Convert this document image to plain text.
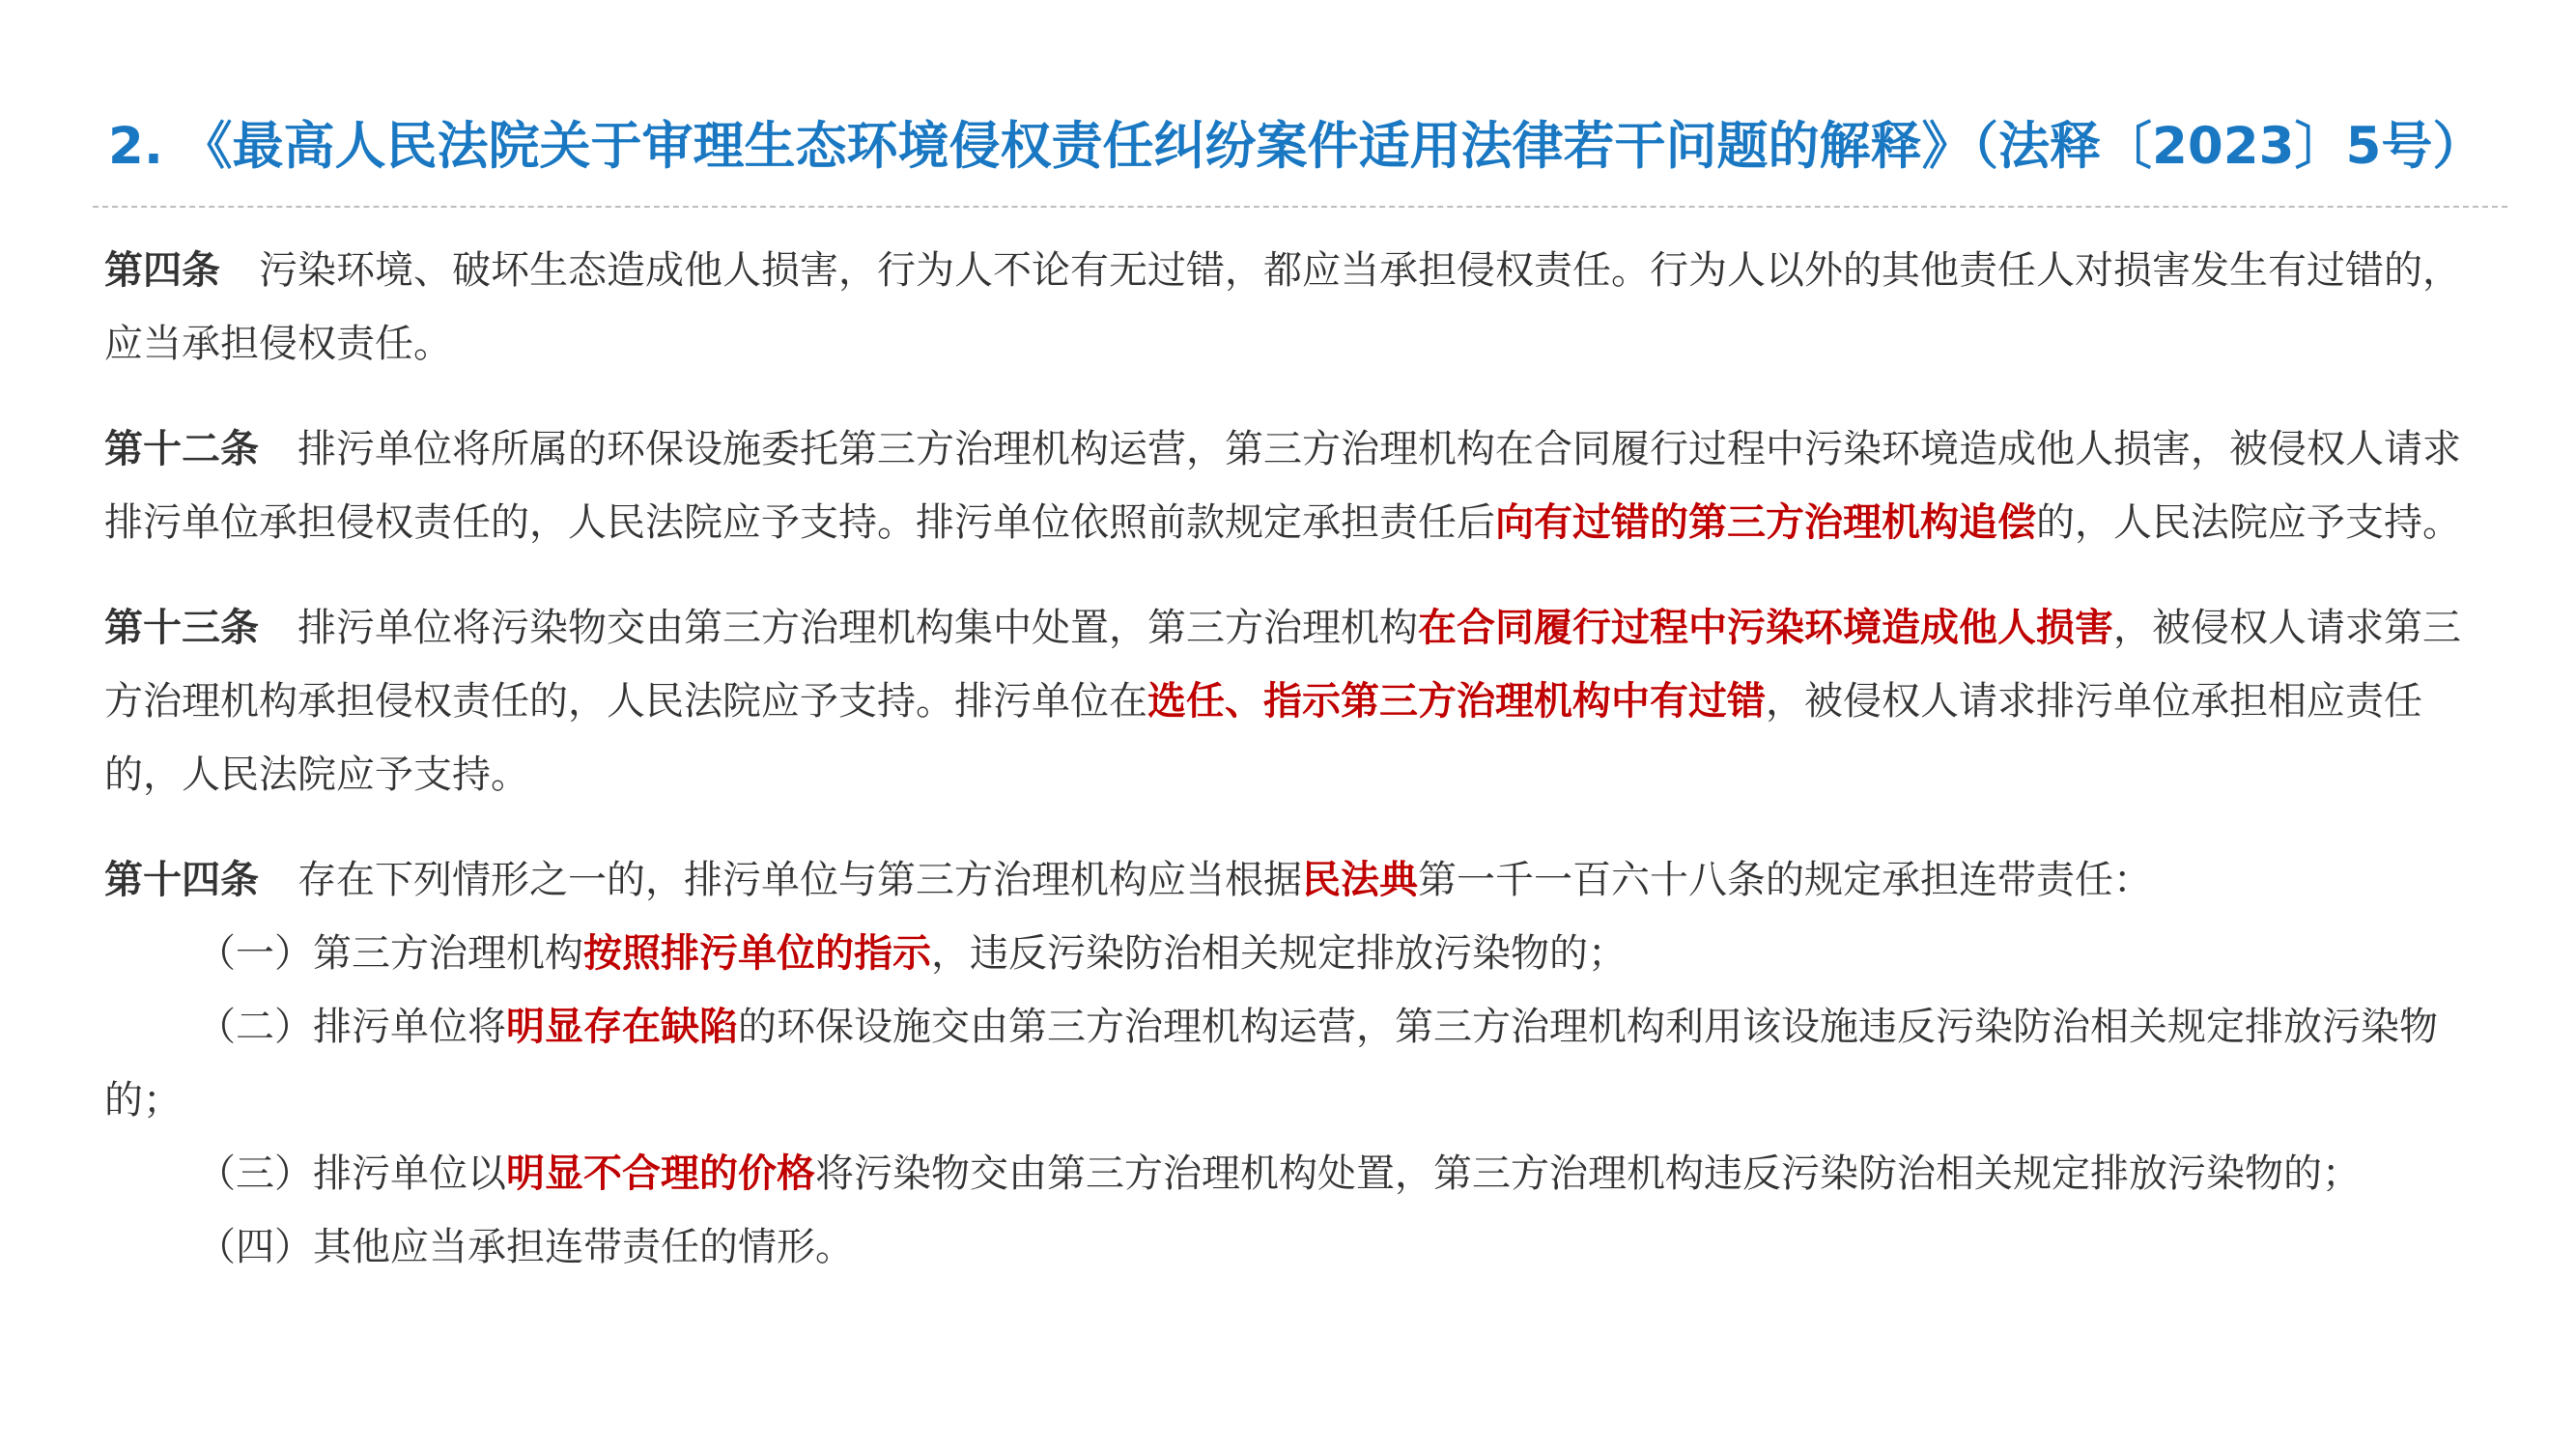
2. 《最高人民法院关于审理生态环境侵权责任纠纷案件适用法律若干问题的解释》（法释〔2023〕5号）

第四条 污染环境、破坏生态造成他人损害，行为人不论有无过错，都应当承担侵权责任。行为人以外的其他责任人对损害发生有过错的，应当承担侵权责任。

第十二条 排污单位将所属的环保设施委托第三方治理机构运营，第三方治理机构在合同履行过程中污染环境造成他人损害，被侵权人请求排污单位承担侵权责任的，人民法院应予支持。排污单位依照前款规定承担责任后向有过错的第三方治理机构追偿的，人民法院应予支持。

第十三条 排污单位将污染物交由第三方治理机构集中处置，第三方治理机构在合同履行过程中污染环境造成他人损害，被侵权人请求第三方治理机构承担侵权责任的，人民法院应予支持。排污单位在选任、指示第三方治理机构中有过错，被侵权人请求排污单位承担相应责任的，人民法院应予支持。

第十四条 存在下列情形之一的，排污单位与第三方治理机构应当根据民法典第一千一百六十八条的规定承担连带责任：

（一）第三方治理机构按照排污单位的指示，违反污染防治相关规定排放污染物的；

（二）排污单位将明显存在缺陷的环保设施交由第三方治理机构运营，第三方治理机构利用该设施违反污染防治相关规定排放污染物的；

（三）排污单位以明显不合理的价格将污染物交由第三方治理机构处置，第三方治理机构违反污染防治相关规定排放污染物的；

（四）其他应当承担连带责任的情形。
